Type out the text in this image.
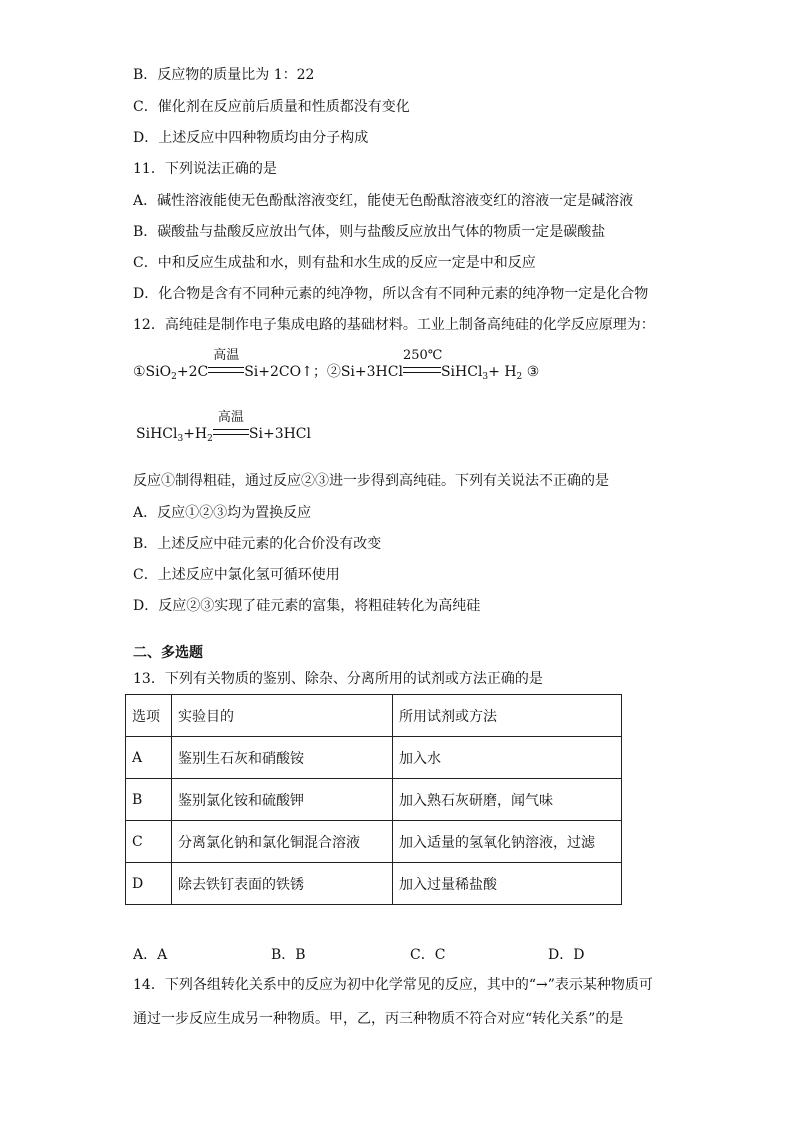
B．反应物的质量比为 1：22
C．催化剂在反应前后质量和性质都没有变化
D．上述反应中四种物质均由分子构成
11．下列说法正确的是
A．碱性溶液能使无色酚酞溶液变红，能使无色酚酞溶液变红的溶液一定是碱溶液
B．碳酸盐与盐酸反应放出气体，则与盐酸反应放出气体的物质一定是碳酸盐
C．中和反应生成盐和水，则有盐和水生成的反应一定是中和反应
D．化合物是含有不同种元素的纯净物，所以含有不同种元素的纯净物一定是化合物
12．高纯硅是制作电子集成电路的基础材料。工业上制备高纯硅的化学反应原理为：
①SiO$_2$+2C
高温
Si+2CO↑；②Si+3HCl
250℃
SiHCl$_3$+ $H_2$ ③
$SiHCl_3+H_2$
高温
Si+3HCl
反应①制得粗硅，通过反应②③进一步得到高纯硅。下列有关说法不正确的是
A．反应①②③均为置换反应
B．上述反应中硅元素的化合价没有改变
C．上述反应中氯化氢可循环使用
D．反应②③实现了硅元素的富集，将粗硅转化为高纯硅
二、多选题
13．下列有关物质的鉴别、除杂、分离所用的试剂或方法正确的是
选项	实验目的	所用试剂或方法
A	鉴别生石灰和硝酸铵	加入水
B	鉴别氯化铵和硫酸钾	加入熟石灰研磨，闻气味
C	分离氯化钠和氯化铜混合溶液	加入适量的氢氧化钠溶液，过滤
D	除去铁钉表面的铁锈	加入过量稀盐酸
A．A	B．B	C．C	D．D
14．下列各组转化关系中的反应为初中化学常见的反应，其中的“→”表示某种物质可
通过一步反应生成另一种物质。甲，乙，丙三种物质不符合对应“转化关系”的是
